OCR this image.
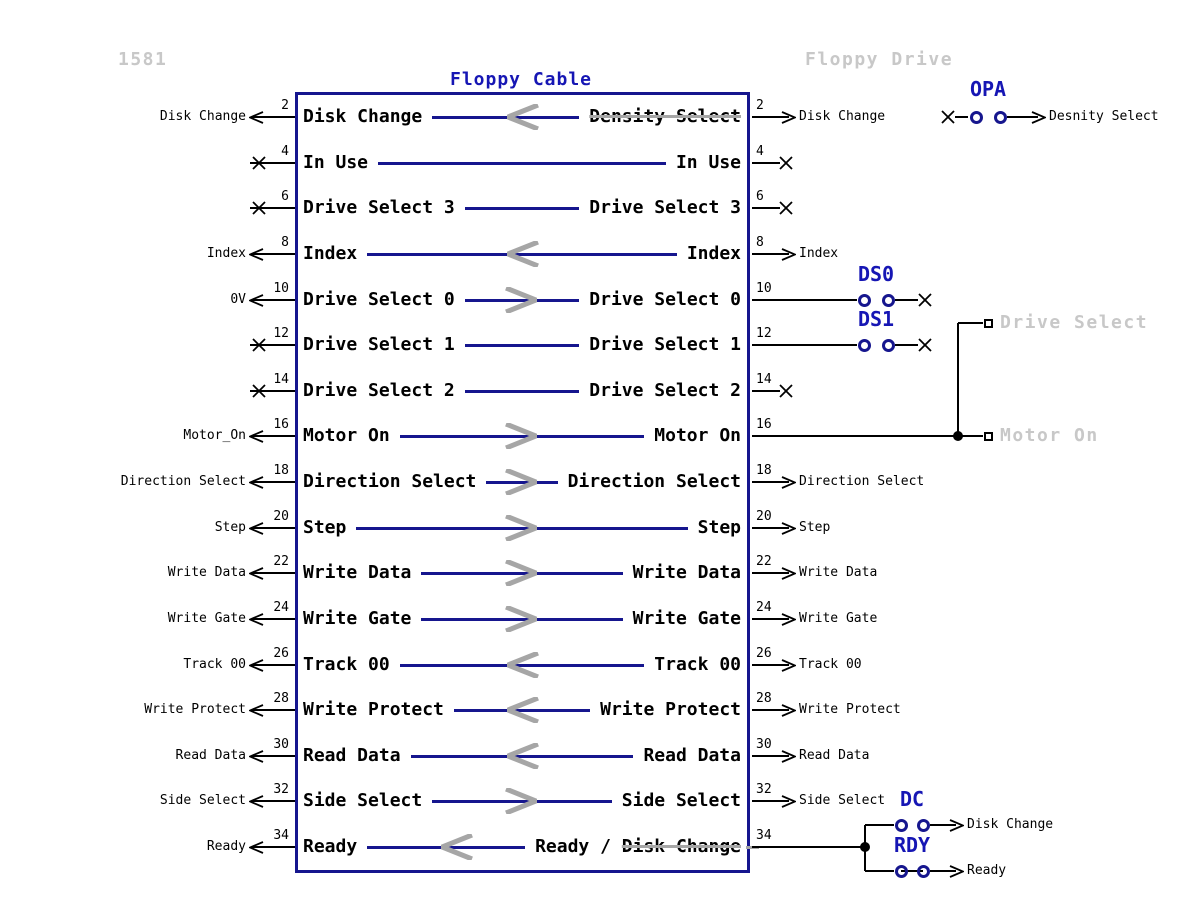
1581	Floppy Drive
Floppy Cable
2
Disk Change	Disk Change	Density Select
2
Disk Change
4
In Use	In Use
4
6
Drive Select 3	Drive Select 3
6
8
Index	Index	Index
8
Index
10
0V	Drive Select 0	Drive Select 0
10
DS0
12
Drive Select 1	Drive Select 1
12
DS1
14
Drive Select 2	Drive Select 2
14
16
Motor_On	Motor On	Motor On
16
Motor On
Drive Select
18
Direction Select	Direction Select	Direction Select
18
Direction Select
20
Step	Step	Step
20
Step
22
Write Data	Write Data	Write Data
22
Write Data
24
Write Gate	Write Gate	Write Gate
24
Write Gate
26
Track 00	Track 00	Track 00
26
Track 00
28
Write Protect	Write Protect	Write Protect
28
Write Protect
30
Read Data	Read Data	Read Data
30
Read Data
32
Side Select	Side Select	Side Select
32
Side Select
34
Ready	Ready	Ready / Disk Change
34
Disk Change
DC
Ready
RDY
Desnity Select
OPA
